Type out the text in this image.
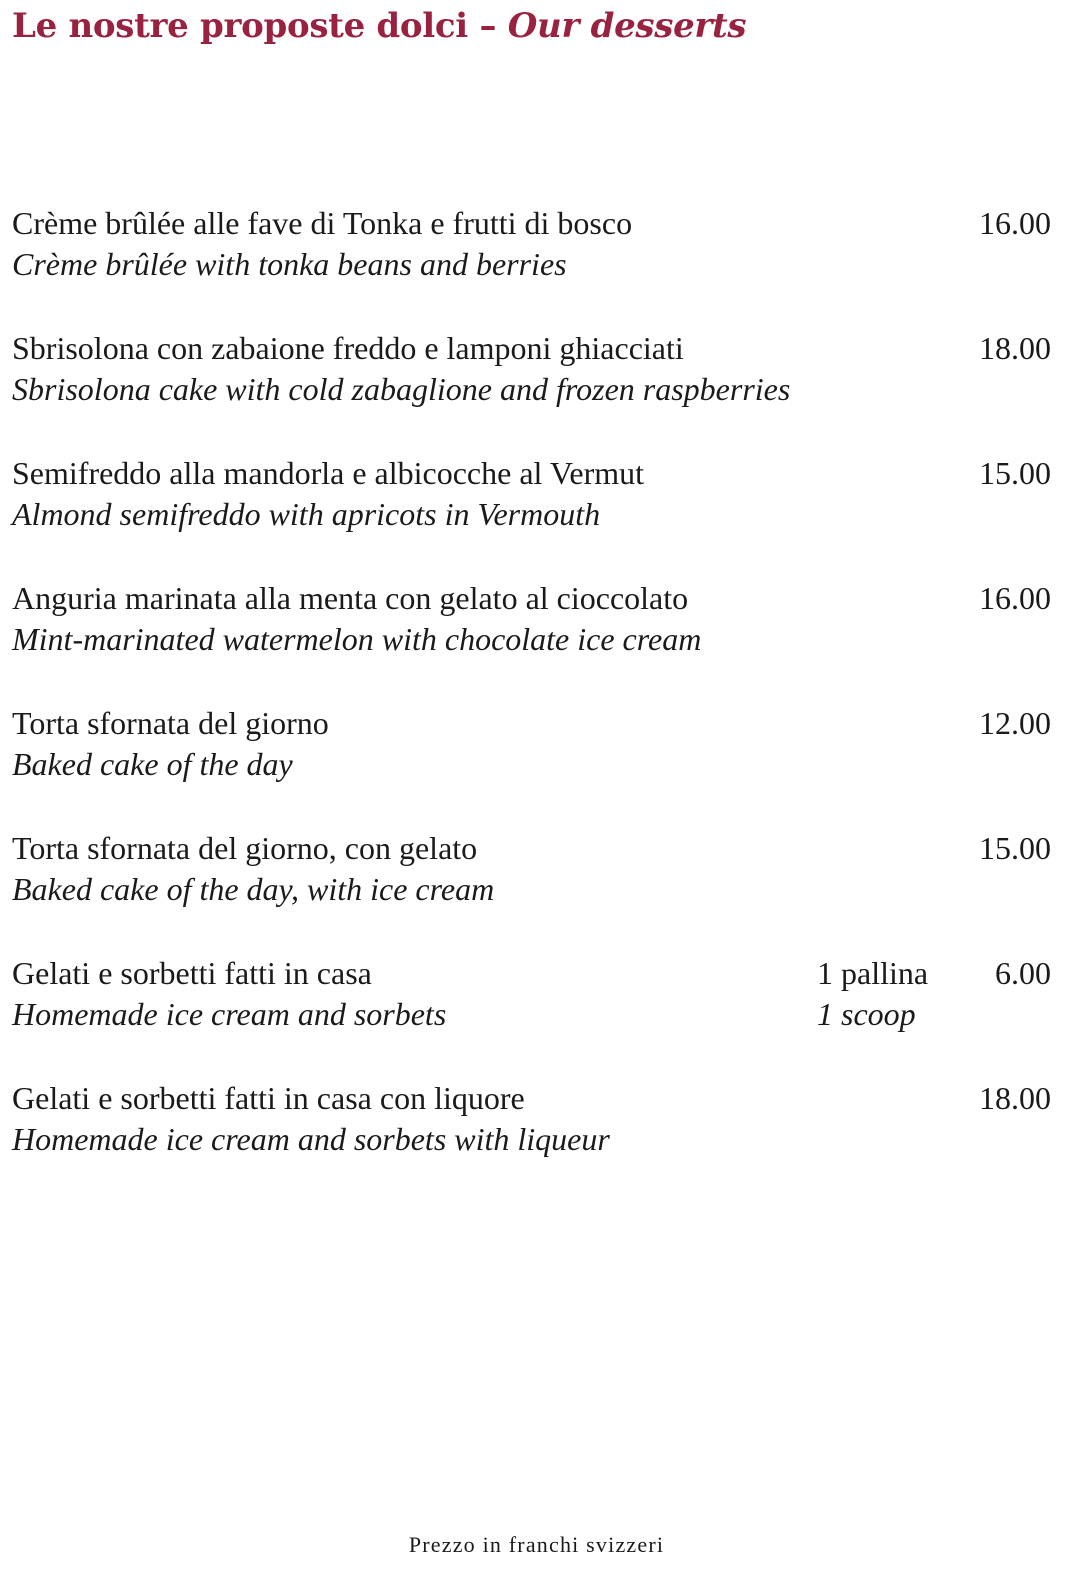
Le nostre proposte dolci – Our desserts
Crème brûlée alle fave di Tonka e frutti di bosco
Crème brûlée with tonka beans and berries
16.00
Sbrisolona con zabaione freddo e lamponi ghiacciati
Sbrisolona cake with cold zabaglione and frozen raspberries
18.00
Semifreddo alla mandorla e albicocche al Vermut
Almond semifreddo with apricots in Vermouth
15.00
Anguria marinata alla menta con gelato al cioccolato
Mint-marinated watermelon with chocolate ice cream
16.00
Torta sfornata del giorno
Baked cake of the day
12.00
Torta sfornata del giorno, con gelato
Baked cake of the day, with ice cream
15.00
Gelati e sorbetti fatti in casa
Homemade ice cream and sorbets
1 pallina
1 scoop
6.00
Gelati e sorbetti fatti in casa con liquore
Homemade ice cream and sorbets with liqueur
18.00
Prezzo in franchi svizzeri
